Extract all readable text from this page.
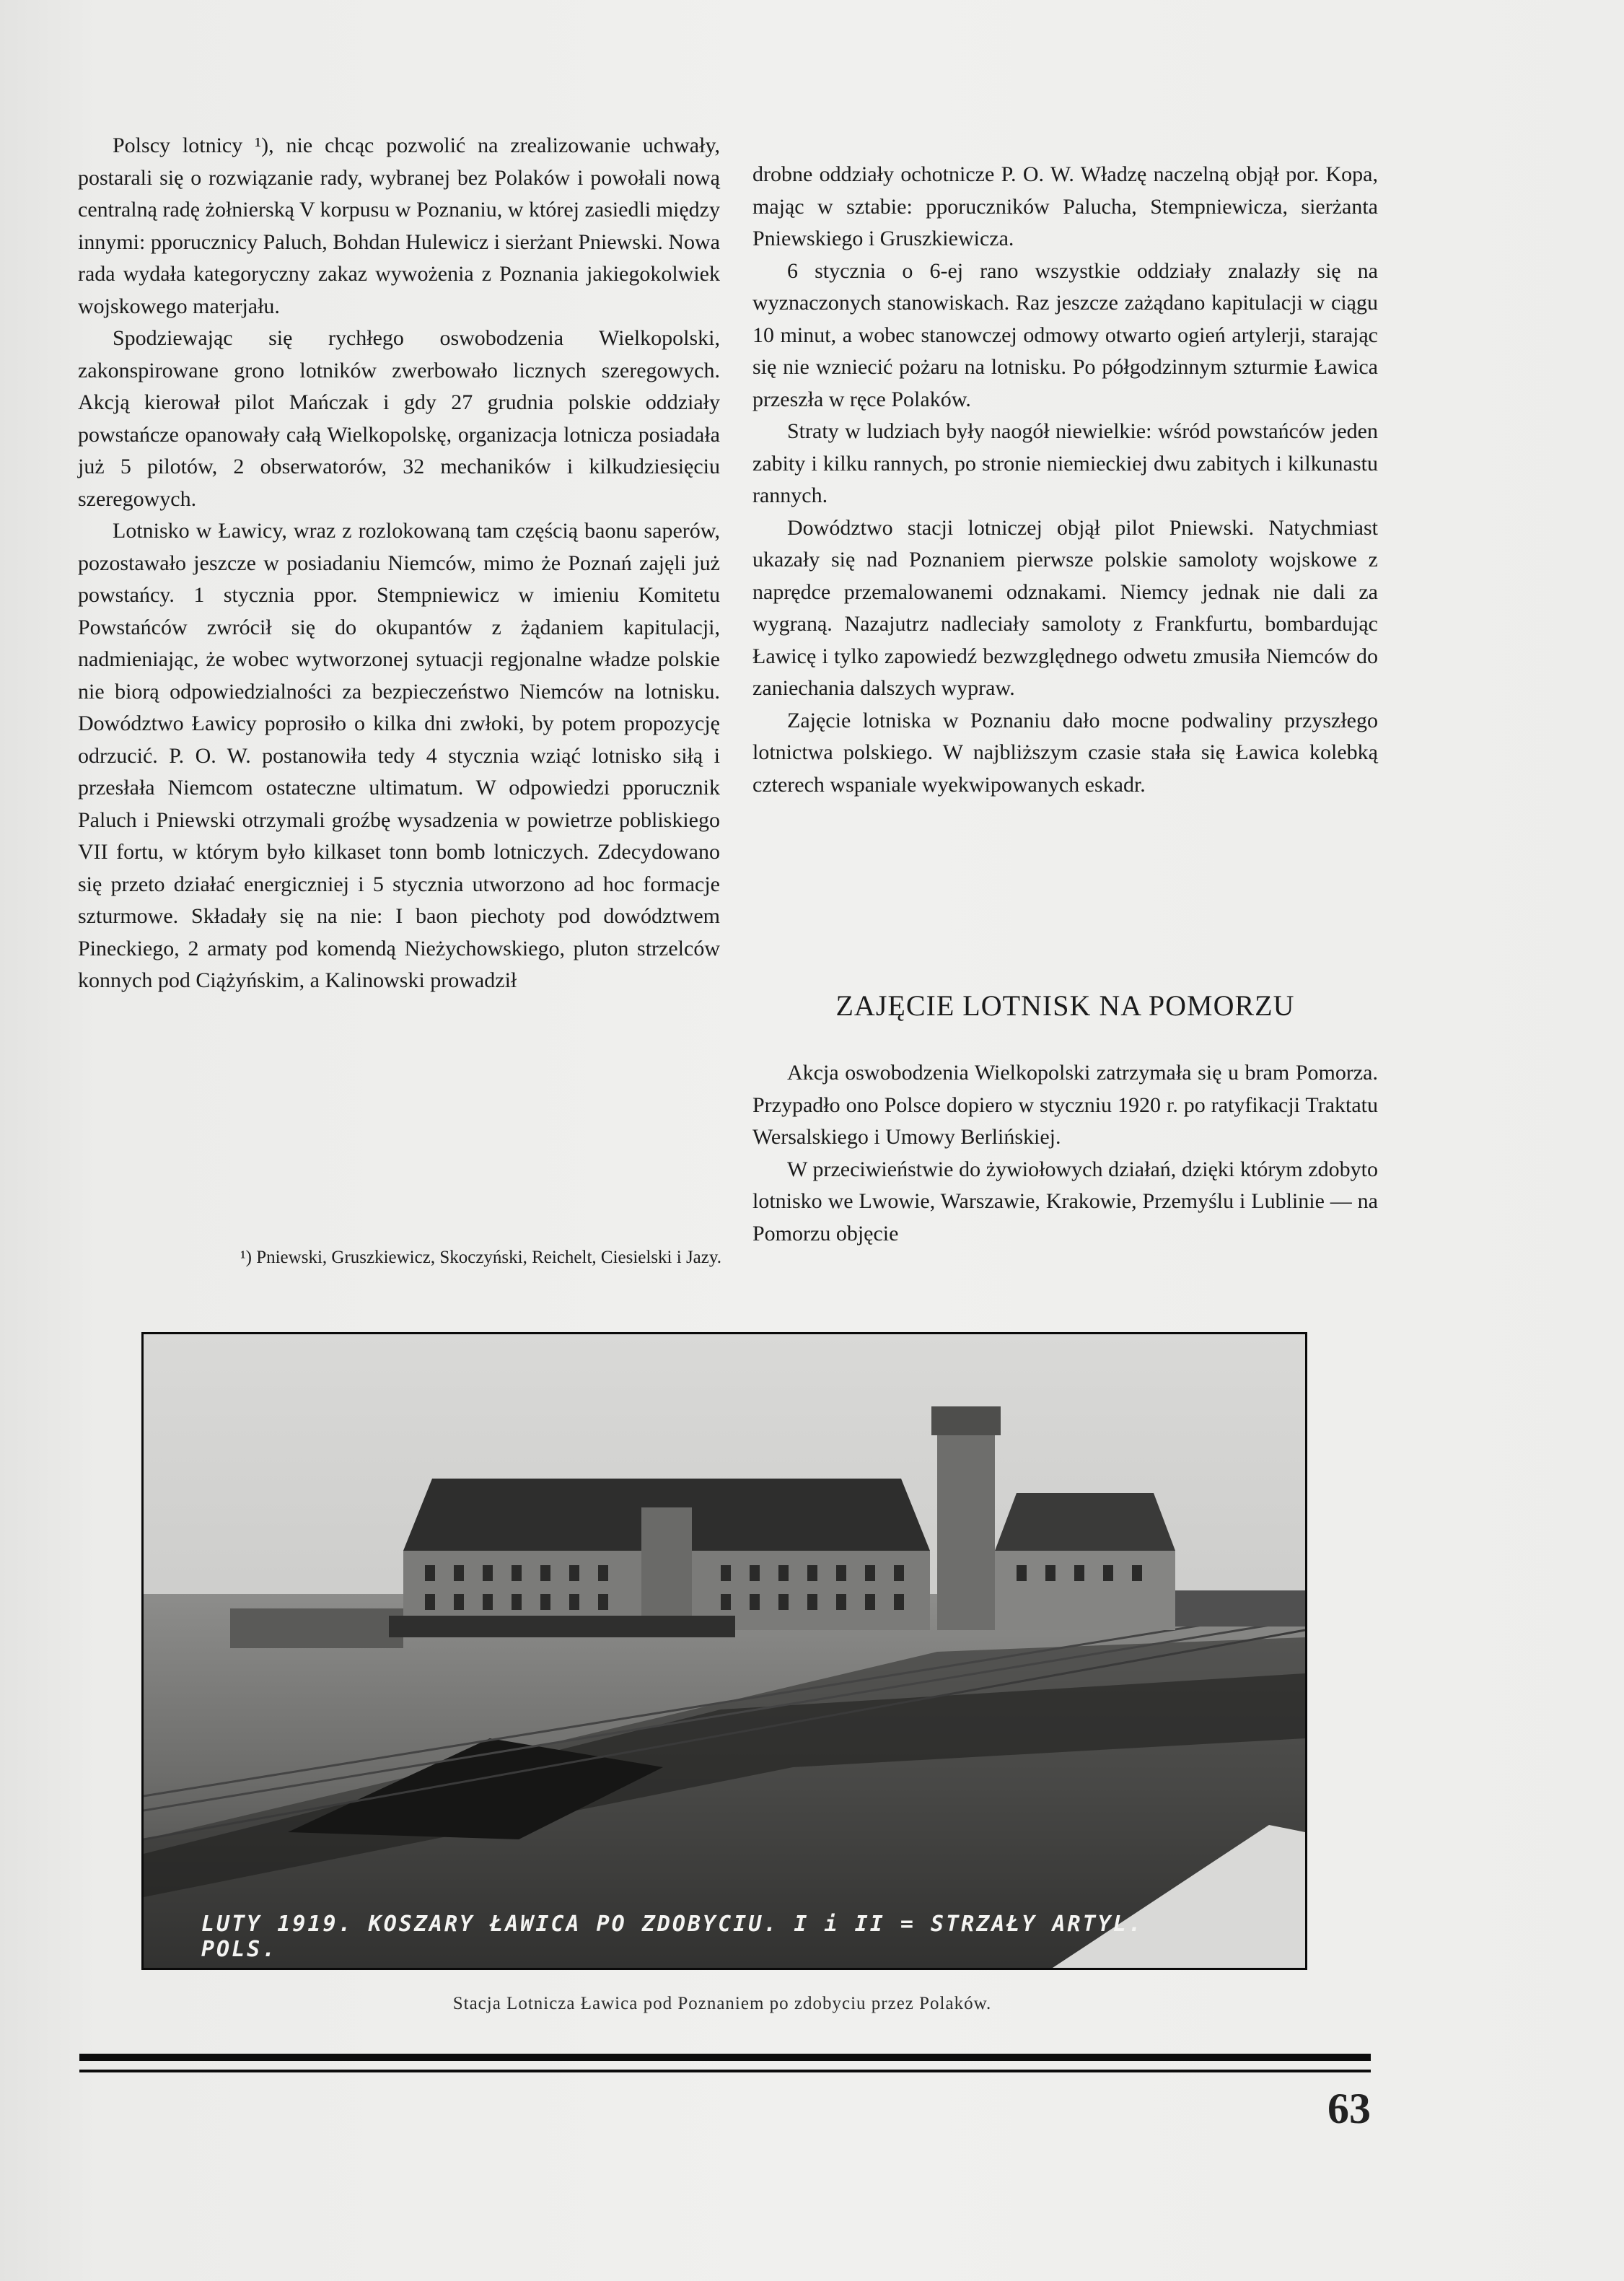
Polscy lotnicy ¹), nie chcąc pozwolić na zrealizowanie uchwały, postarali się o rozwiązanie rady, wybranej bez Polaków i powołali nową centralną radę żołnierską V korpusu w Poznaniu, w której zasiedli między innymi: pporucznicy Paluch, Bohdan Hulewicz i sierżant Pniewski. Nowa rada wydała kategoryczny zakaz wywożenia z Poznania jakiegokolwiek wojskowego materjału.

Spodziewając się rychłego oswobodzenia Wielkopolski, zakonspirowane grono lotników zwerbowało licznych szeregowych. Akcją kierował pilot Mańczak i gdy 27 grudnia polskie oddziały powstańcze opanowały całą Wielkopolskę, organizacja lotnicza posiadała już 5 pilotów, 2 obserwatorów, 32 mechaników i kilkudziesięciu szeregowych.

Lotnisko w Ławicy, wraz z rozlokowaną tam częścią baonu saperów, pozostawało jeszcze w posiadaniu Niemców, mimo że Poznań zajęli już powstańcy. 1 stycznia ppor. Stempniewicz w imieniu Komitetu Powstańców zwrócił się do okupantów z żądaniem kapitulacji, nadmieniając, że wobec wytworzonej sytuacji regjonalne władze polskie nie biorą odpowiedzialności za bezpieczeństwo Niemców na lotnisku. Dowództwo Ławicy poprosiło o kilka dni zwłoki, by potem propozycję odrzucić. P. O. W. postanowiła tedy 4 stycznia wziąć lotnisko siłą i przesłała Niemcom ostateczne ultimatum. W odpowiedzi pporucznik Paluch i Pniewski otrzymali groźbę wysadzenia w powietrze pobliskiego VII fortu, w którym było kilkaset tonn bomb lotniczych. Zdecydowano się przeto działać energiczniej i 5 stycznia utworzono ad hoc formacje szturmowe. Składały się na nie: I baon piechoty pod dowództwem Pineckiego, 2 armaty pod komendą Nieżychowskiego, pluton strzelców konnych pod Ciążyńskim, a Kalinowski prowadził

¹) Pniewski, Gruszkiewicz, Skoczyński, Reichelt, Ciesielski i Jazy.

drobne oddziały ochotnicze P. O. W. Władzę naczelną objął por. Kopa, mając w sztabie: pporuczników Palucha, Stempniewicza, sierżanta Pniewskiego i Gruszkiewicza.

6 stycznia o 6-ej rano wszystkie oddziały znalazły się na wyznaczonych stanowiskach. Raz jeszcze zażądano kapitulacji w ciągu 10 minut, a wobec stanowczej odmowy otwarto ogień artylerji, starając się nie wzniecić pożaru na lotnisku. Po półgodzinnym szturmie Ławica przeszła w ręce Polaków.

Straty w ludziach były naogół niewielkie: wśród powstańców jeden zabity i kilku rannych, po stronie niemieckiej dwu zabitych i kilkunastu rannych.

Dowództwo stacji lotniczej objął pilot Pniewski. Natychmiast ukazały się nad Poznaniem pierwsze polskie samoloty wojskowe z naprędce przemalowanemi odznakami. Niemcy jednak nie dali za wygraną. Nazajutrz nadleciały samoloty z Frankfurtu, bombardując Ławicę i tylko zapowiedź bezwzględnego odwetu zmusiła Niemców do zaniechania dalszych wypraw.

Zajęcie lotniska w Poznaniu dało mocne podwaliny przyszłego lotnictwa polskiego. W najbliższym czasie stała się Ławica kolebką czterech wspaniale wyekwipowanych eskadr.

ZAJĘCIE LOTNISK NA POMORZU

Akcja oswobodzenia Wielkopolski zatrzymała się u bram Pomorza. Przypadło ono Polsce dopiero w styczniu 1920 r. po ratyfikacji Traktatu Wersalskiego i Umowy Berlińskiej.

W przeciwieństwie do żywiołowych działań, dzięki którym zdobyto lotnisko we Lwowie, Warszawie, Krakowie, Przemyślu i Lublinie — na Pomorzu objęcie

LUTY 1919. KOSZARY ŁAWICA PO ZDOBYCIU. I i II = STRZAŁY ARTYL. POLS.
Stacja Lotnicza Ławica pod Poznaniem po zdobyciu przez Polaków.
63
